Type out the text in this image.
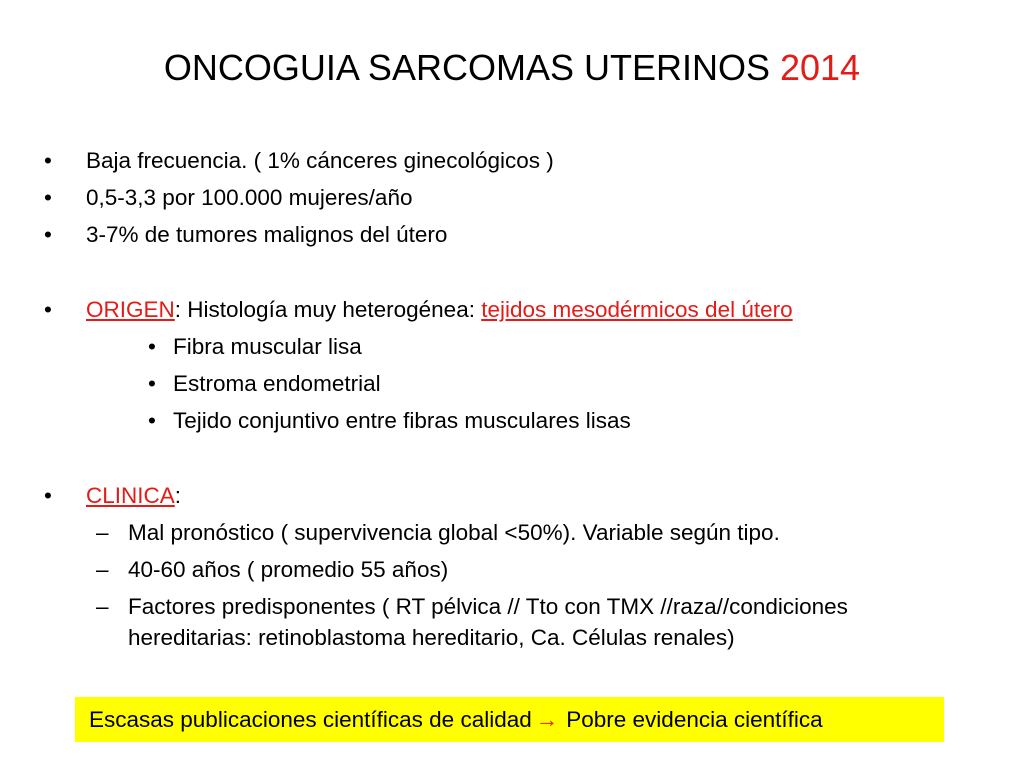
ONCOGUIA SARCOMAS UTERINOS 2014
• Baja frecuencia. ( 1% cánceres ginecológicos )
• 0,5-3,3 por 100.000 mujeres/año
• 3-7% de tumores malignos del útero
• ORIGEN: Histología muy heterogénea: tejidos mesodérmicos del útero
• Fibra muscular lisa
• Estroma endometrial
• Tejido conjuntivo entre fibras musculares lisas
• CLINICA:
– Mal pronóstico ( supervivencia global <50%). Variable según tipo.
– 40-60 años ( promedio 55 años)
– Factores predisponentes ( RT pélvica // Tto con TMX //raza//condiciones
hereditarias: retinoblastoma hereditario, Ca. Células renales)
Escasas publicaciones científicas de calidad → Pobre evidencia científica
